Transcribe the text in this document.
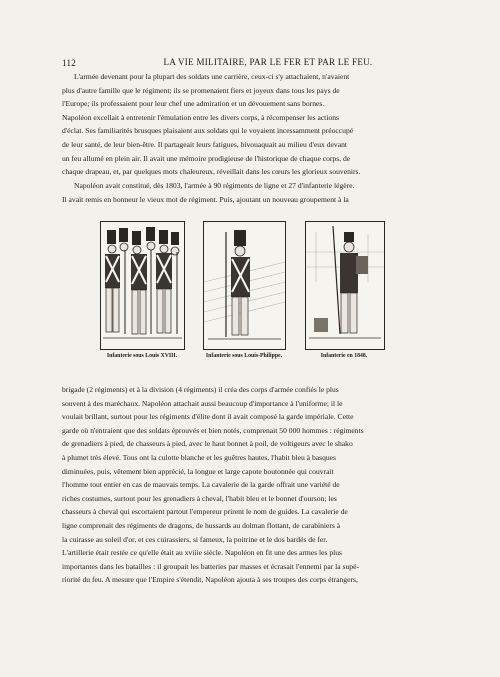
112	LA VIE MILITAIRE, PAR LE FER ET PAR LE FEU.

L'armée devenant pour la plupart des soldats une carrière, ceux-ci s'y attachaient, n'avaient
plus d'autre famille que le régiment; ils se promenaient fiers et joyeux dans tous les pays de
l'Europe; ils professaient pour leur chef une admiration et un dévouement sans bornes.
Napoléon excellait à entretenir l'émulation entre les divers corps, à récompenser les actions
d'éclat. Ses familiarités brusques plaisaient aux soldats qui le voyaient incessamment préoccupé
de leur santé, de leur bien-être. Il partageait leurs fatigues, bivouaquait au milieu d'eux devant
un feu allumé en plein air. Il avait une mémoire prodigieuse de l'historique de chaque corps, de
chaque drapeau, et, par quelques mots chaleureux, réveillait dans les cœurs les glorieux souvenirs.

Napoléon avait constitué, dès 1803, l'armée à 90 régiments de ligne et 27 d'infanterie légère.
Il avait remis en honneur le vieux mot de régiment. Puis, ajoutant un nouveau groupement à la

Infanterie sous Louis XVIII.	Infanterie sous Louis-Philippe.	Infanterie en 1848.

brigade (2 régiments) et à la division (4 régiments) il créa des corps d'armée confiés le plus
souvent à des maréchaux. Napoléon attachait aussi beaucoup d'importance à l'uniforme; il le
voulait brillant, surtout pour les régiments d'élite dont il avait composé la garde impériale. Cette
garde où n'entraient que des soldats éprouvés et bien notés, comprenait 50 000 hommes : régiments
de grenadiers à pied, de chasseurs à pied, avec le haut bonnet à poil, de voltigeurs avec le shako
à plumet très élevé. Tous ont la culotte blanche et les guêtres hautes, l'habit bleu à basques
diminuées, puis, vêtement bien apprécié, la longue et large capote boutonnée qui couvrait
l'homme tout entier en cas de mauvais temps. La cavalerie de la garde offrait une variété de
riches costumes, surtout pour les grenadiers à cheval, l'habit bleu et le bonnet d'ourson; les
chasseurs à cheval qui escortaient partout l'empereur prirent le nom de guides. La cavalerie de
ligne comprenait des régiments de dragons, de hussards au dolman flottant, de carabiniers à
la cuirasse au soleil d'or, et ces cuirassiers, si fameux, la poitrine et le dos bardés de fer.
L'artillerie était restée ce qu'elle était au xviiie siècle. Napoléon en fit une des armes les plus
importantes dans les batailles : il groupait les batteries par masses et écrasait l'ennemi par la supé-
riorité du feu. A mesure que l'Empire s'étendit, Napoléon ajouta à ses troupes des corps étrangers,
